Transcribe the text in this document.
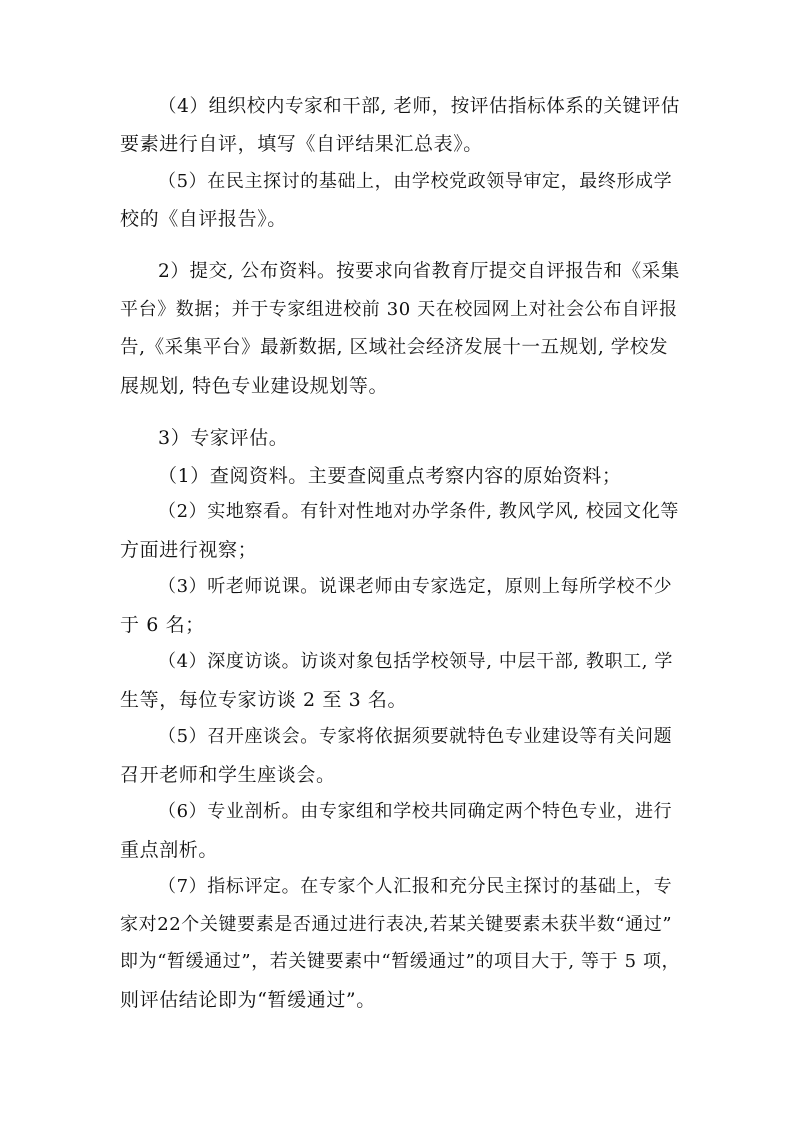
（4）组织校内专家和干部, 老师，按评估指标体系的关键评估
要素进行自评，填写《自评结果汇总表》。
（5）在民主探讨的基础上，由学校党政领导审定，最终形成学
校的《自评报告》。
2）提交, 公布资料。按要求向省教育厅提交自评报告和《采集
平台》数据；并于专家组进校前 30 天在校园网上对社会公布自评报
告,《采集平台》最新数据, 区域社会经济发展十一五规划, 学校发
展规划, 特色专业建设规划等。
3）专家评估。
（1）查阅资料。主要查阅重点考察内容的原始资料；
（2）实地察看。有针对性地对办学条件, 教风学风, 校园文化等
方面进行视察；
（3）听老师说课。说课老师由专家选定，原则上每所学校不少
于 6 名；
（4）深度访谈。访谈对象包括学校领导, 中层干部, 教职工, 学
生等，每位专家访谈 2 至 3 名。
（5）召开座谈会。专家将依据须要就特色专业建设等有关问题
召开老师和学生座谈会。
（6）专业剖析。由专家组和学校共同确定两个特色专业，进行
重点剖析。
（7）指标评定。在专家个人汇报和充分民主探讨的基础上，专
家对22个关键要素是否通过进行表决,若某关键要素未获半数“通过”
即为“暂缓通过”，若关键要素中“暂缓通过”的项目大于, 等于 5 项，
则评估结论即为“暂缓通过”。
